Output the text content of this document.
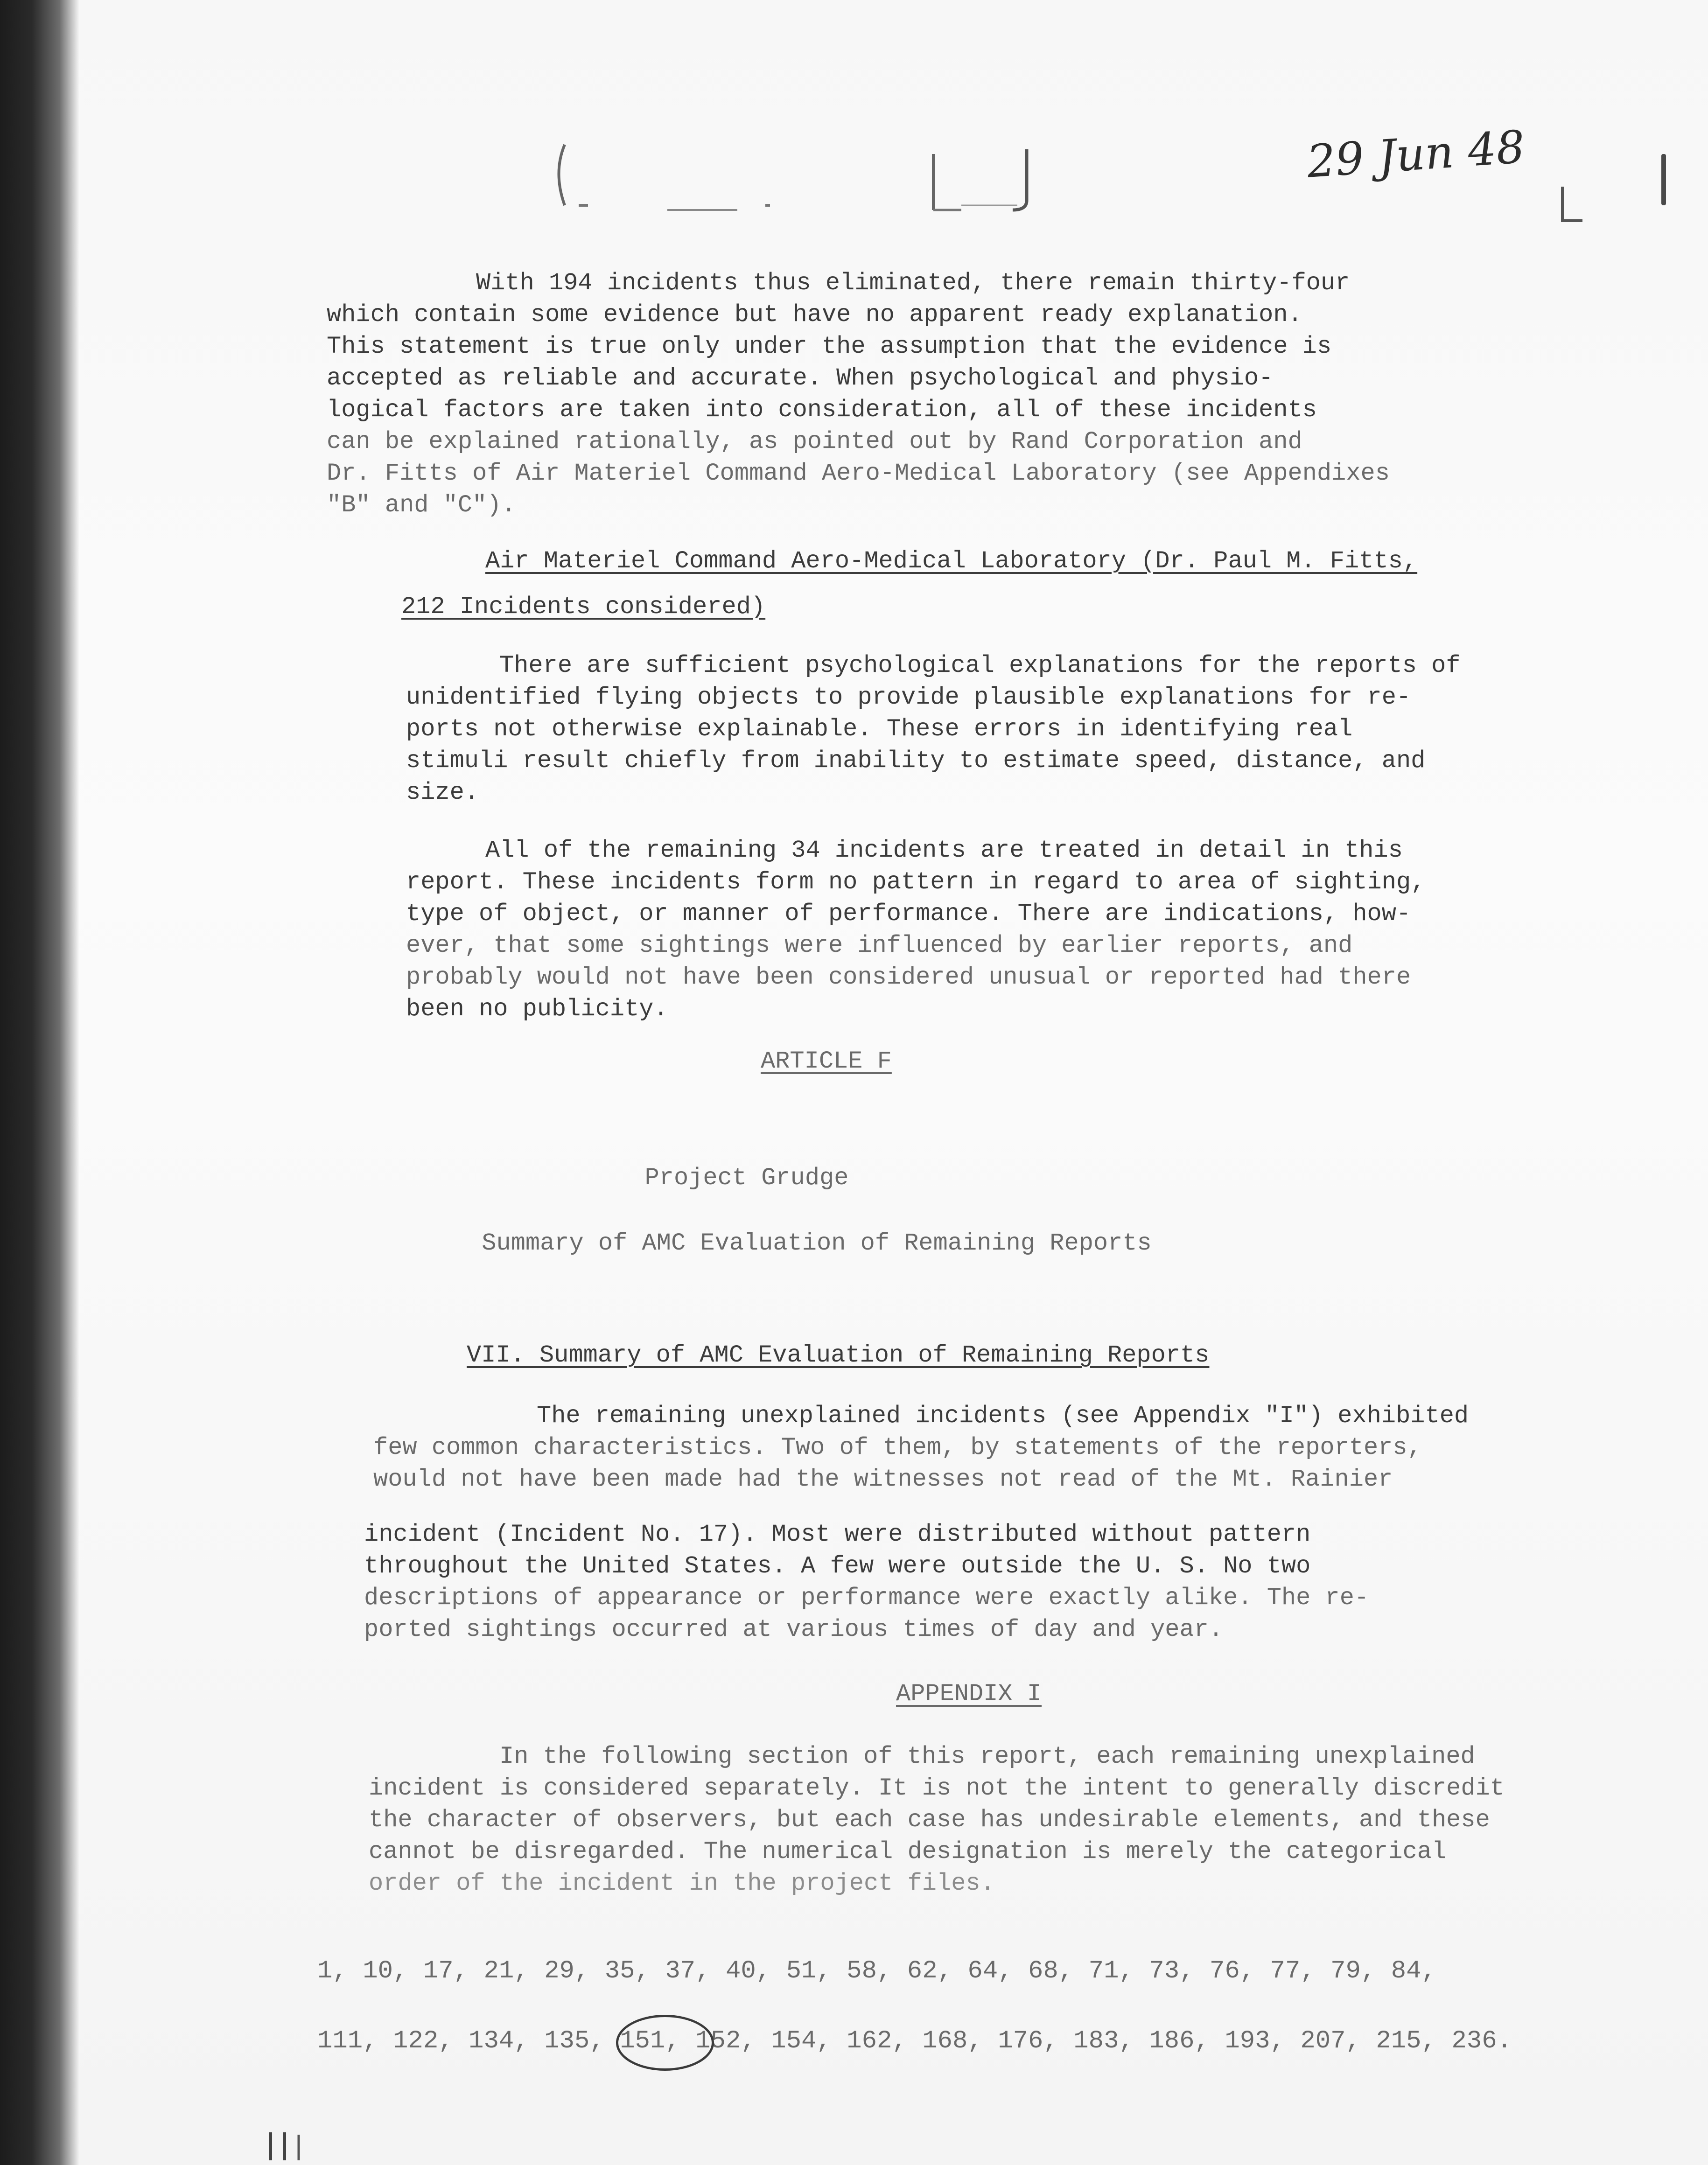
29 Jun 48
With 194 incidents thus eliminated, there remain thirty-four
which contain some evidence but have no apparent ready explanation.
This statement is true only under the assumption that the evidence is
accepted as reliable and accurate. When psychological and physio-
logical factors are taken into consideration, all of these incidents
can be explained rationally, as pointed out by Rand Corporation and
Dr. Fitts of Air Materiel Command Aero-Medical Laboratory (see Appendixes
"B" and "C").
Air Materiel Command Aero-Medical Laboratory (Dr. Paul M. Fitts,
212 Incidents considered)
There are sufficient psychological explanations for the reports of
unidentified flying objects to provide plausible explanations for re-
ports not otherwise explainable. These errors in identifying real
stimuli result chiefly from inability to estimate speed, distance, and
size.
All of the remaining 34 incidents are treated in detail in this
report. These incidents form no pattern in regard to area of sighting,
type of object, or manner of performance. There are indications, how-
ever, that some sightings were influenced by earlier reports, and
probably would not have been considered unusual or reported had there
been no publicity.
ARTICLE F
Project Grudge
Summary of AMC Evaluation of Remaining Reports
VII. Summary of AMC Evaluation of Remaining Reports
The remaining unexplained incidents (see Appendix "I") exhibited
few common characteristics. Two of them, by statements of the reporters,
would not have been made had the witnesses not read of the Mt. Rainier
incident (Incident No. 17). Most were distributed without pattern
throughout the United States. A few were outside the U. S. No two
descriptions of appearance or performance were exactly alike. The re-
ported sightings occurred at various times of day and year.
APPENDIX I
In the following section of this report, each remaining unexplained
incident is considered separately. It is not the intent to generally discredit
the character of observers, but each case has undesirable elements, and these
cannot be disregarded. The numerical designation is merely the categorical
order of the incident in the project files.
1, 10, 17, 21, 29, 35, 37, 40, 51, 58, 62, 64, 68, 71, 73, 76, 77, 79, 84,
111, 122, 134, 135, 151, 152, 154, 162, 168, 176, 183, 186, 193, 207, 215, 236.
